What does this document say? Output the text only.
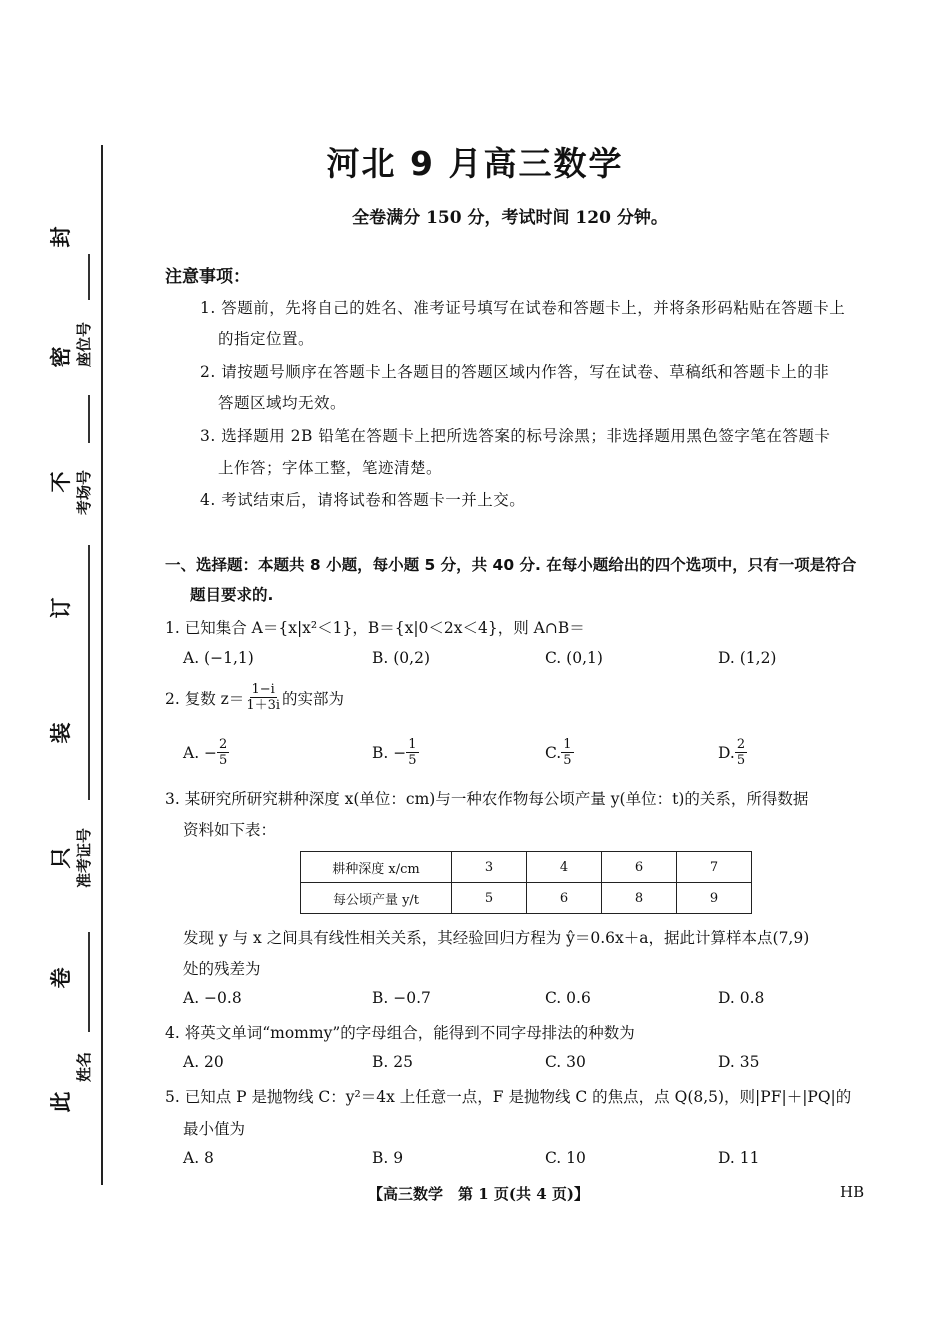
封
密
不
订
装
只
卷
此
座位号
考场号
准考证号
姓名
河北 9 月高三数学
全卷满分 150 分，考试时间 120 分钟。
注意事项：
1. 答题前，先将自己的姓名、准考证号填写在试卷和答题卡上，并将条形码粘贴在答题卡上
的指定位置。
2. 请按题号顺序在答题卡上各题目的答题区域内作答，写在试卷、草稿纸和答题卡上的非
答题区域均无效。
3. 选择题用 2B 铅笔在答题卡上把所选答案的标号涂黑；非选择题用黑色签字笔在答题卡
上作答；字体工整，笔迹清楚。
4. 考试结束后，请将试卷和答题卡一并上交。
一、选择题：本题共 8 小题，每小题 5 分，共 40 分. 在每小题给出的四个选项中，只有一项是符合
题目要求的.
1. 已知集合 A＝{x|x²＜1}，B＝{x|0＜2x＜4}，则 A∩B＝
A. (−1,1)	B. (0,2)	C. (0,1)	D. (1,2)
2. 复数 $z= \frac{1-i}{1+3i}$ 的实部为
A. − $\frac{2}{5}$	B. − $\frac{1}{5}$	C. $\frac{1}{5}$	D. $\frac{2}{5}$
3. 某研究所研究耕种深度 x(单位：cm)与一种农作物每公顷产量 y(单位：t)的关系，所得数据
资料如下表：
耕种深度 x/cm	3	4	6	7
每公顷产量 y/t	5	6	8	9
发现 y 与 x 之间具有线性相关关系，其经验回归方程为 ŷ＝0.6x＋a，据此计算样本点(7,9)
处的残差为
A. −0.8	B. −0.7	C. 0.6	D. 0.8
4. 将英文单词“mommy”的字母组合，能得到不同字母排法的种数为
A. 20	B. 25	C. 30	D. 35
5. 已知点 P 是抛物线 C：y²＝4x 上任意一点，F 是抛物线 C 的焦点，点 Q(8,5)，则|PF|＋|PQ|的
最小值为
A. 8	B. 9	C. 10	D. 11
【高三数学　第 1 页(共 4 页)】	HB
